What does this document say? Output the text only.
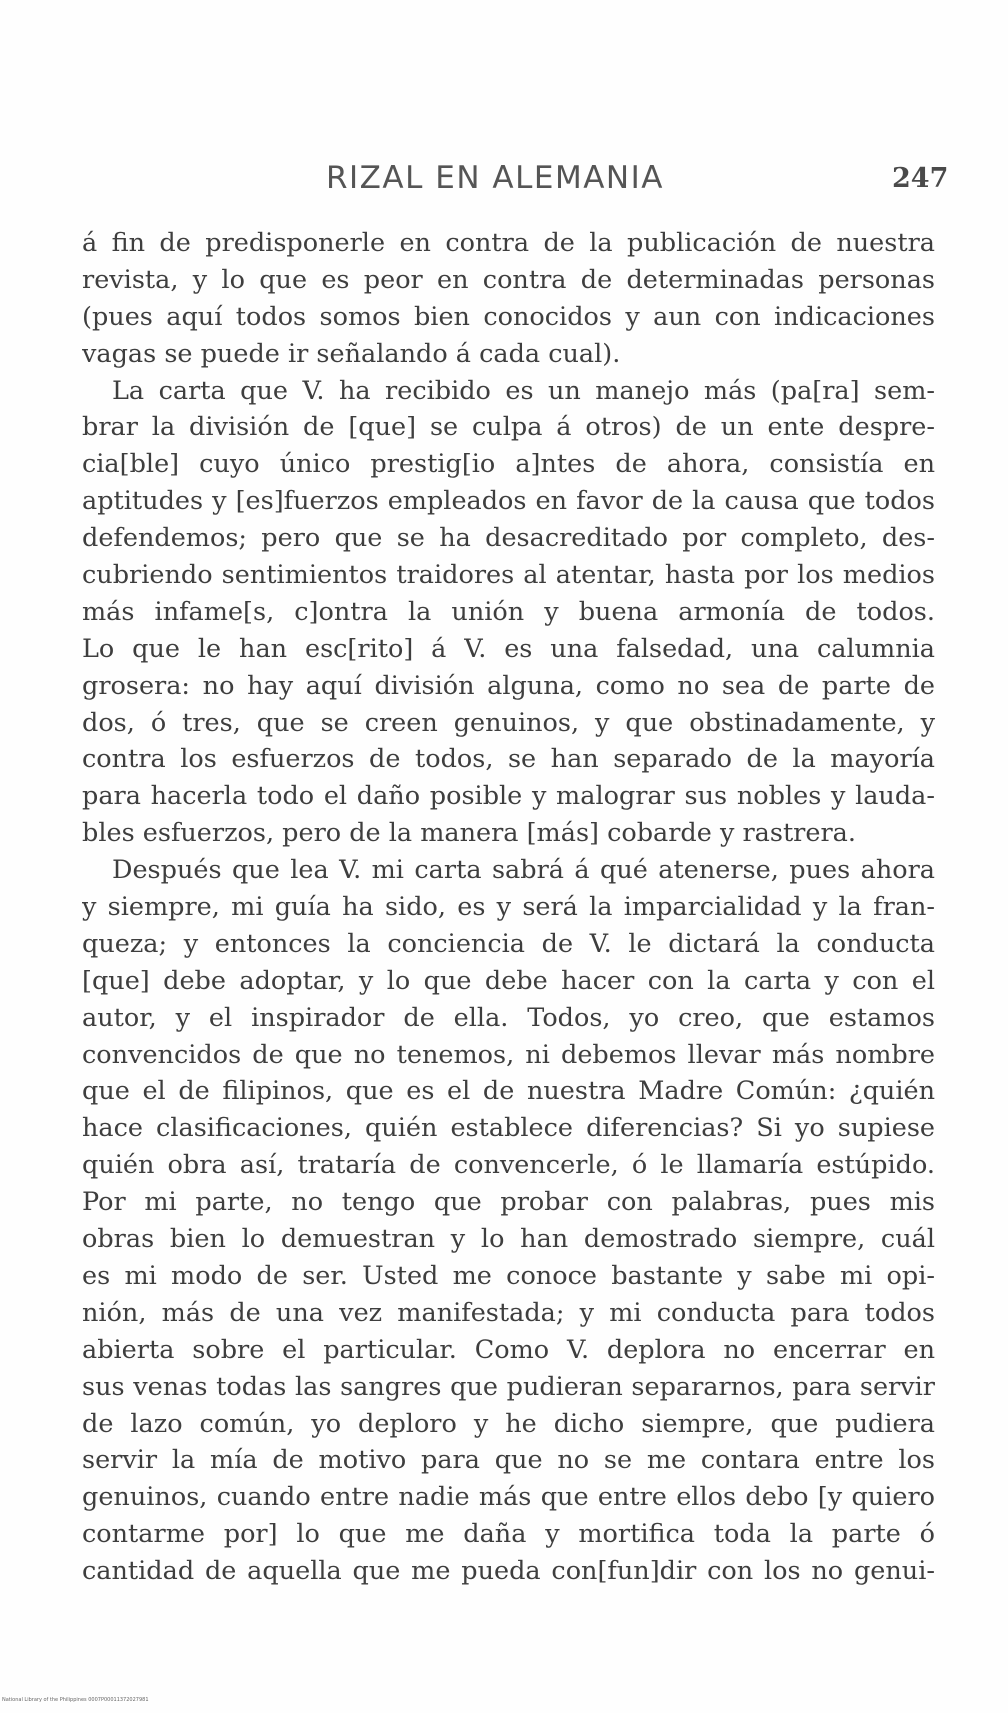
RIZAL EN ALEMANIA	247
á fin de predisponerle en contra de la publicación de nuestra
revista, y lo que es peor en contra de determinadas personas
(pues aquí todos somos bien conocidos y aun con indicaciones
vagas se puede ir señalando á cada cual).
La carta que V. ha recibido es un manejo más (pa[ra] sem-
brar la división de [que] se culpa á otros) de un ente despre-
cia[ble] cuyo único prestig[io a]ntes de ahora, consistía en
aptitudes y [es]fuerzos empleados en favor de la causa que todos
defendemos; pero que se ha desacreditado por completo, des-
cubriendo sentimientos traidores al atentar, hasta por los medios
más infame[s, c]ontra la unión y buena armonía de todos.
Lo que le han esc[rito] á V. es una falsedad, una calumnia
grosera: no hay aquí división alguna, como no sea de parte de
dos, ó tres, que se creen genuinos, y que obstinadamente, y
contra los esfuerzos de todos, se han separado de la mayoría
para hacerla todo el daño posible y malograr sus nobles y lauda-
bles esfuerzos, pero de la manera [más] cobarde y rastrera.
Después que lea V. mi carta sabrá á qué atenerse, pues ahora
y siempre, mi guía ha sido, es y será la imparcialidad y la fran-
queza; y entonces la conciencia de V. le dictará la conducta
[que] debe adoptar, y lo que debe hacer con la carta y con el
autor, y el inspirador de ella. Todos, yo creo, que estamos
convencidos de que no tenemos, ni debemos llevar más nombre
que el de filipinos, que es el de nuestra Madre Común: ¿quién
hace clasificaciones, quién establece diferencias? Si yo supiese
quién obra así, trataría de convencerle, ó le llamaría estúpido.
Por mi parte, no tengo que probar con palabras, pues mis
obras bien lo demuestran y lo han demostrado siempre, cuál
es mi modo de ser. Usted me conoce bastante y sabe mi opi-
nión, más de una vez manifestada; y mi conducta para todos
abierta sobre el particular. Como V. deplora no encerrar en
sus venas todas las sangres que pudieran separarnos, para servir
de lazo común, yo deploro y he dicho siempre, que pudiera
servir la mía de motivo para que no se me contara entre los
genuinos, cuando entre nadie más que entre ellos debo [y quiero
contarme por] lo que me daña y mortifica toda la parte ó
cantidad de aquella que me pueda con[fun]dir con los no genui-
National Library of the Philippines 0007P00011372027981
